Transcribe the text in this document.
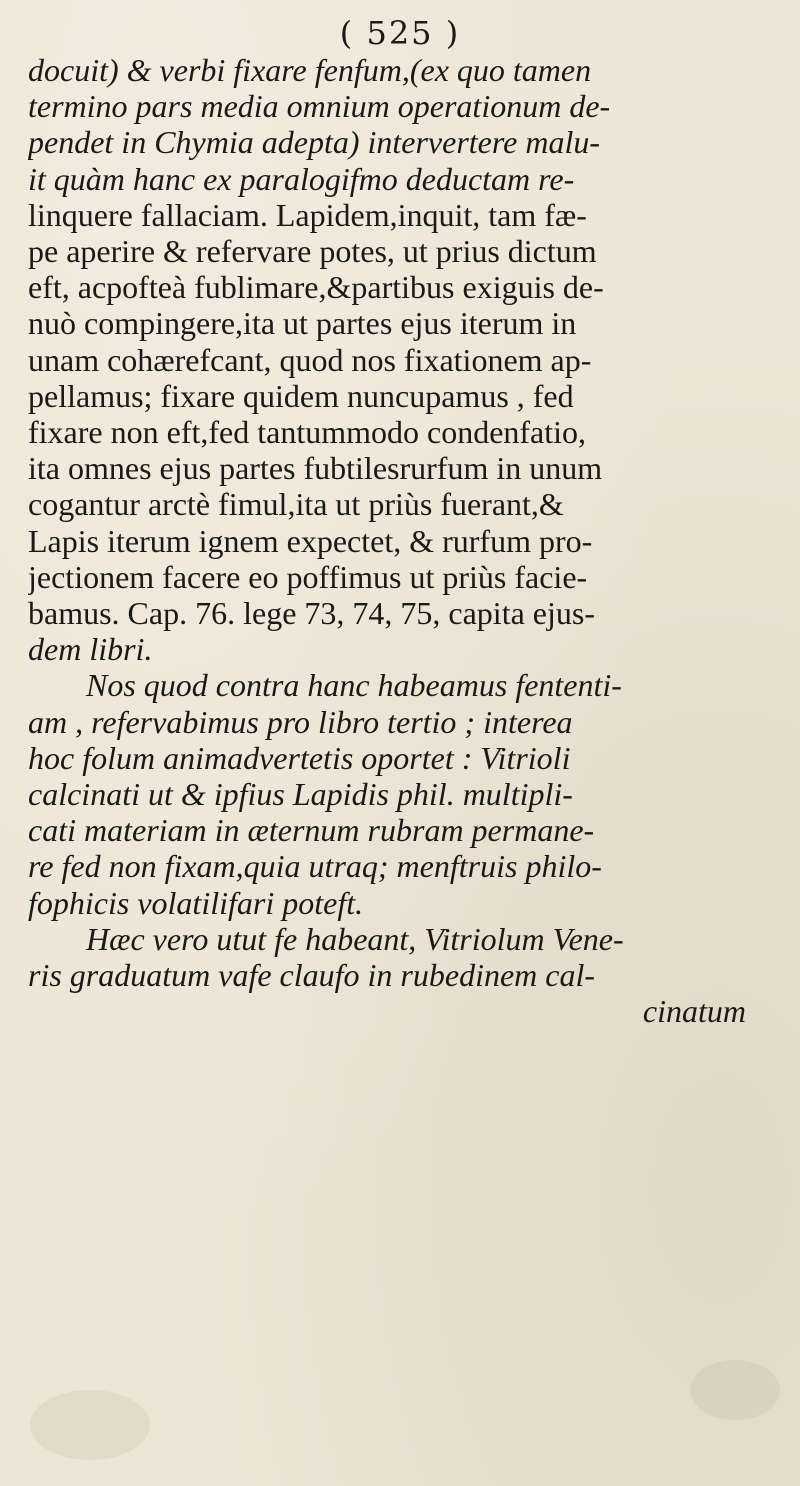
( 525 )
docuit) & verbi fixare fenfum,(ex quo tamen
termino pars media omnium operationum de-
pendet in Chymia adepta) intervertere malu-
it quàm hanc ex paralogifmo deductam re-
linquere fallaciam. Lapidem,inquit, tam fæ-
pe aperire & refervare potes, ut prius dictum
eft, acpofteà fublimare,&partibus exiguis de-
nuò compingere,ita ut partes ejus iterum in
unam cohærefcant, quod nos fixationem ap-
pellamus; fixare quidem nuncupamus , fed
fixare non eft,fed tantummodo condenfatio,
ita omnes ejus partes fubtilesrurfum in unum
cogantur arctè fimul,ita ut priùs fuerant,&
Lapis iterum ignem expectet, & rurfum pro-
jectionem facere eo poffimus ut priùs facie-
bamus. Cap. 76. lege 73, 74, 75, capita ejus-
dem libri.
Nos quod contra hanc habeamus fententi-
am , refervabimus pro libro tertio ; interea
hoc folum animadvertetis oportet : Vitrioli
calcinati ut & ipfius Lapidis phil. multipli-
cati materiam in æternum rubram permane-
re fed non fixam,quia utraq; menftruis philo-
fophicis volatilifari poteft.
Hæc vero utut fe habeant, Vitriolum Vene-
ris graduatum vafe claufo in rubedinem cal-
cinatum
